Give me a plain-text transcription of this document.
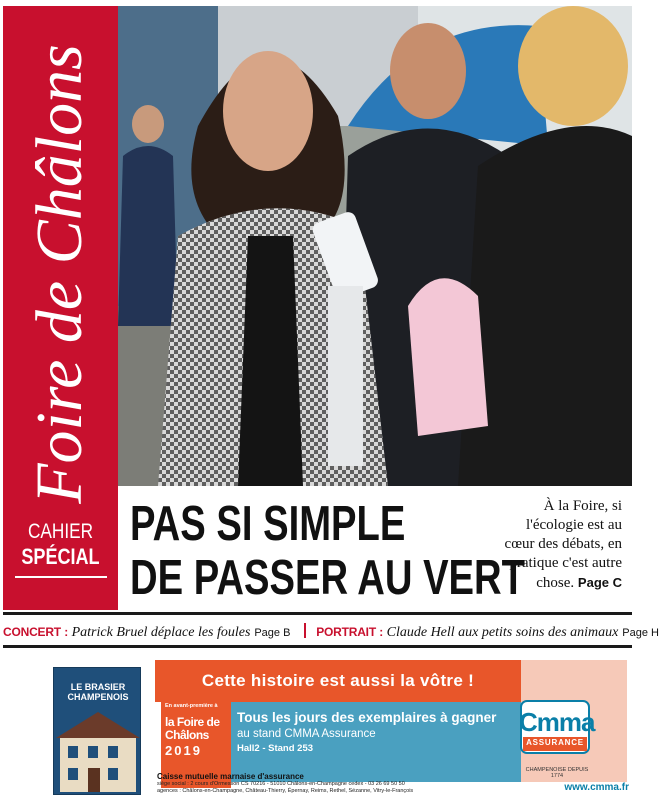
Foire de Châlons
CAHIER
SPÉCIAL
PAS SI SIMPLE
DE PASSER AU VERT
À la Foire, si l'écologie est au cœur des débats, en pratique c'est autre chose. Page C
CONCERT : Patrick Bruel déplace les foules Page B PORTRAIT : Claude Hell aux petits soins des animaux Page H
LE BRASIER CHAMPENOIS
Cette histoire est aussi la vôtre !
En avant-première à
la Foire de Châlons
2019
Tous les jours des exemplaires à gagner
au stand CMMA Assurance
Hall2 - Stand 253
Cmma
ASSURANCE
CHAMPENOISE DEPUIS 1774
www.cmma.fr
Caisse mutuelle marnaise d'assurance
siège social : 2 cours d'Ormesson CS 70216 - 51010 Châlons-en-Champagne cedex - 03 26 69 50 50
agences : Châlons-en-Champagne, Château-Thierry, Épernay, Reims, Rethel, Sézanne, Vitry-le-François
